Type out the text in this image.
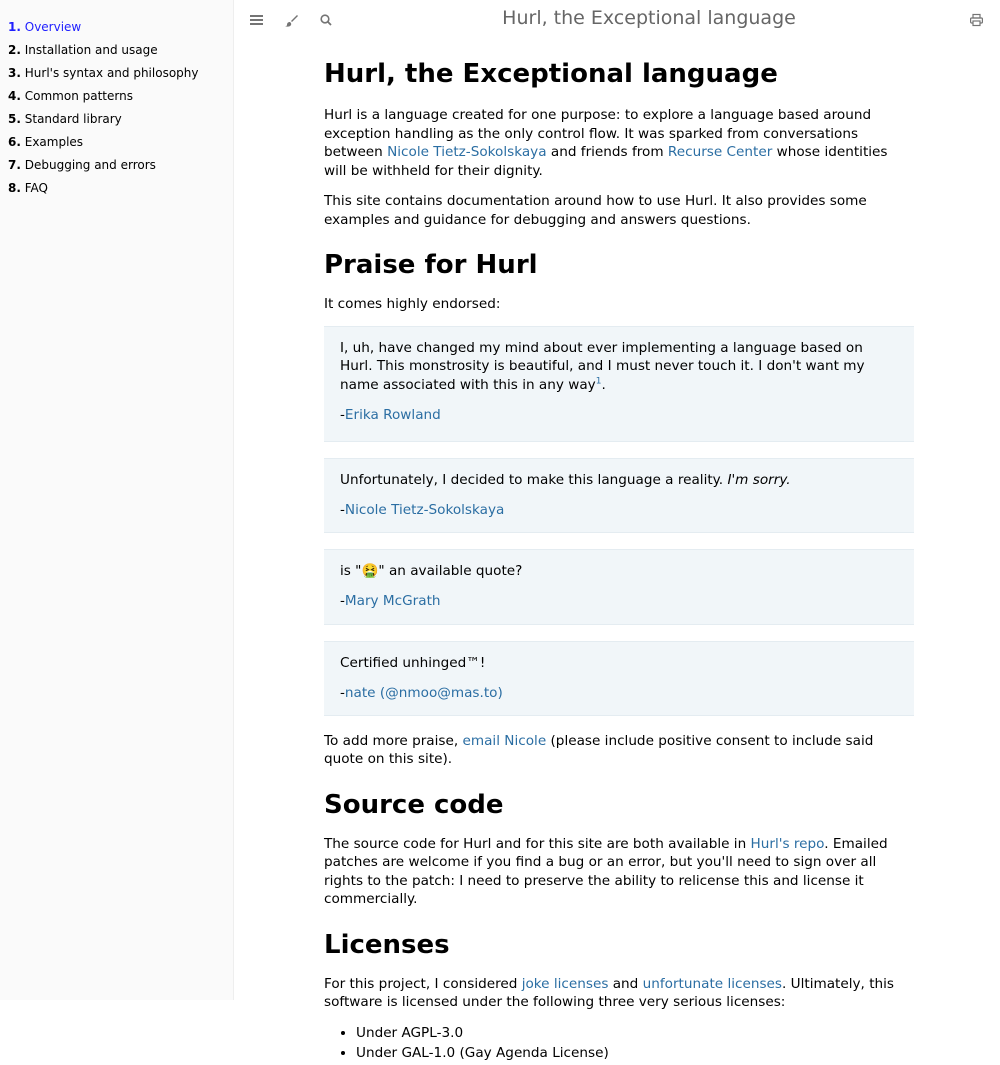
1. Overview
2. Installation and usage
3. Hurl's syntax and philosophy
4. Common patterns
5. Standard library
6. Examples
7. Debugging and errors
8. FAQ
Hurl, the Exceptional language
Hurl, the Exceptional language

Hurl is a language created for one purpose: to explore a language based around exception handling as the only control flow. It was sparked from conversations between Nicole Tietz-Sokolskaya and friends from Recurse Center whose identities will be withheld for their dignity.

This site contains documentation around how to use Hurl. It also provides some examples and guidance for debugging and answers questions.

Praise for Hurl

It comes highly endorsed:

I, uh, have changed my mind about ever implementing a language based on Hurl. This monstrosity is beautiful, and I must never touch it. I don't want my name associated with this in any way$^1$.

-Erika Rowland

Unfortunately, I decided to make this language a reality. I'm sorry.

-Nicole Tietz-Sokolskaya

is "🤮" an available quote?

-Mary McGrath

Certified unhinged™!

-nate (@nmoo@mas.to)

To add more praise, email Nicole (please include positive consent to include said quote on this site).

Source code

The source code for Hurl and for this site are both available in Hurl's repo. Emailed patches are welcome if you find a bug or an error, but you'll need to sign over all rights to the patch: I need to preserve the ability to relicense this and license it commercially.

Licenses

For this project, I considered joke licenses and unfortunate licenses. Ultimately, this software is licensed under the following three very serious licenses:

• Under AGPL-3.0
• Under GAL-1.0 (Gay Agenda License)
